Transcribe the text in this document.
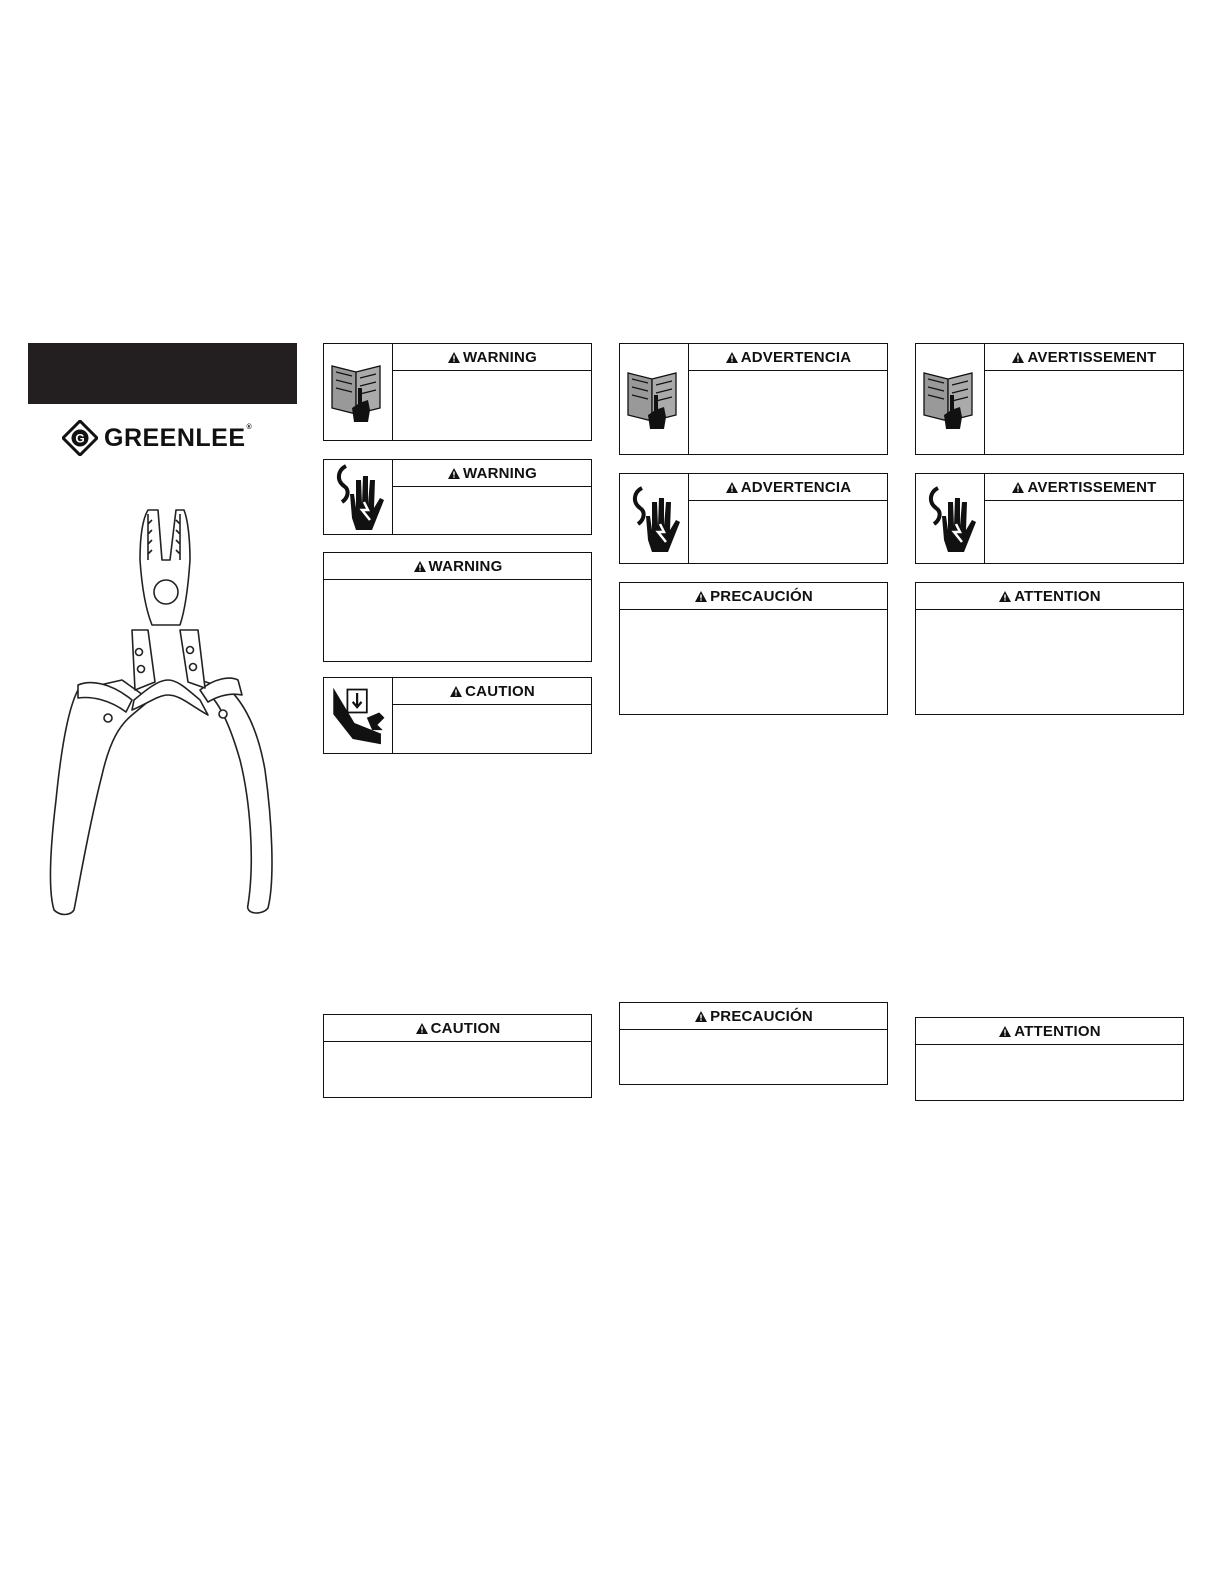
G GREENLEE®
WARNING
WARNING
WARNING
CAUTION
CAUTION
ADVERTENCIA
ADVERTENCIA
PRECAUCIÓN
PRECAUCIÓN
AVERTISSEMENT
AVERTISSEMENT
ATTENTION
ATTENTION
